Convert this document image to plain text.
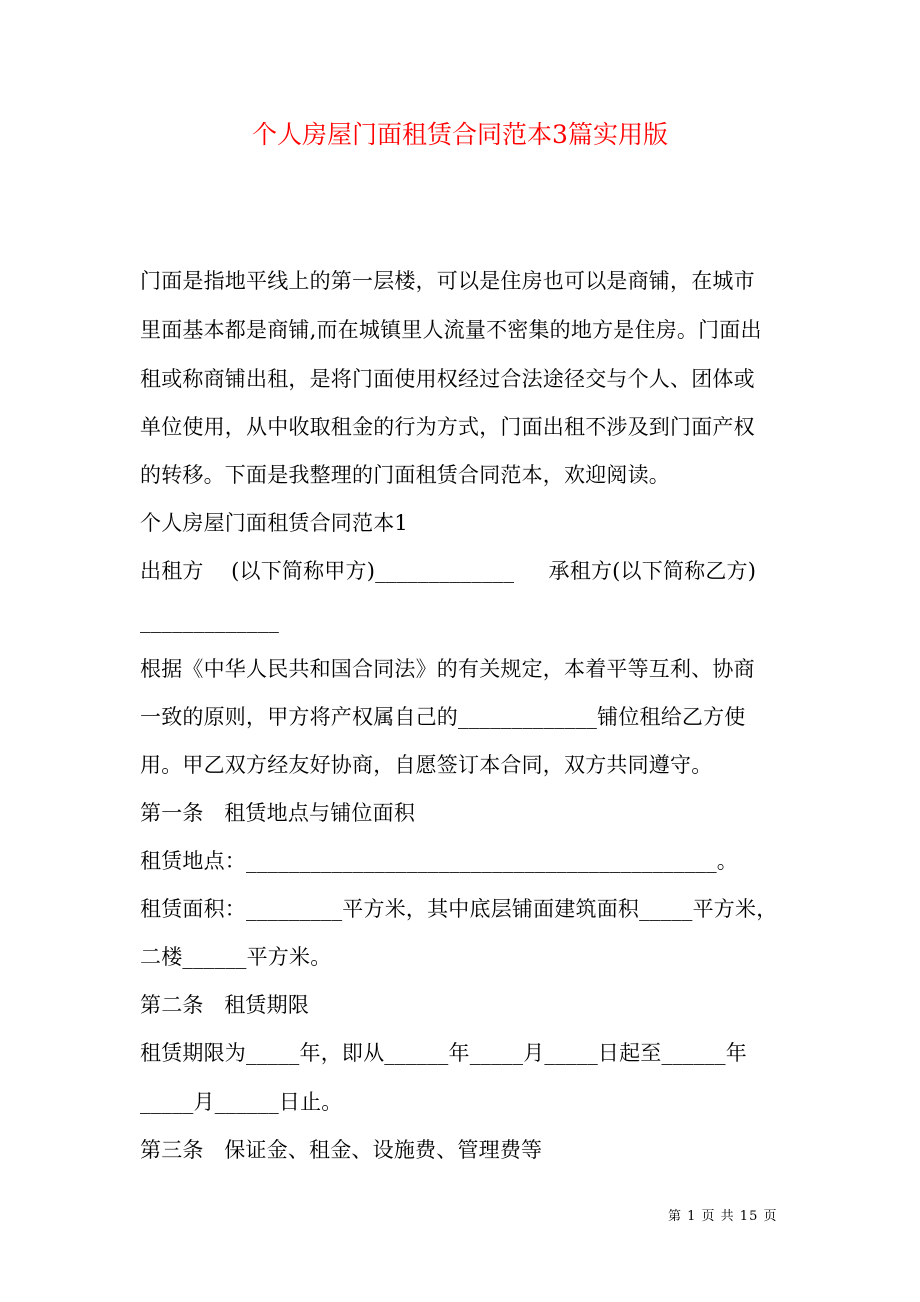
个人房屋门面租赁合同范本3篇实用版
门面是指地平线上的第一层楼，可以是住房也可以是商铺，在城市
里面基本都是商铺,而在城镇里人流量不密集的地方是住房。门面出
租或称商铺出租，是将门面使用权经过合法途径交与个人、团体或
单位使用，从中收取租金的行为方式，门面出租不涉及到门面产权
的转移。下面是我整理的门面租赁合同范本，欢迎阅读。
个人房屋门面租赁合同范本1
出租方    (以下简称甲方)_____________     承租方(以下简称乙方)
_____________
根据《中华人民共和国合同法》的有关规定，本着平等互利、协商
一致的原则，甲方将产权属自己的_____________铺位租给乙方使
用。甲乙双方经友好协商，自愿签订本合同，双方共同遵守。
第一条   租赁地点与铺位面积
租赁地点：____________________________________________。
租赁面积：_________平方米，其中底层铺面建筑面积_____平方米，
二楼______平方米。
第二条   租赁期限
租赁期限为_____年，即从______年_____月_____日起至______年
_____月______日止。
第三条   保证金、租金、设施费、管理费等
第 1 页 共 15 页
